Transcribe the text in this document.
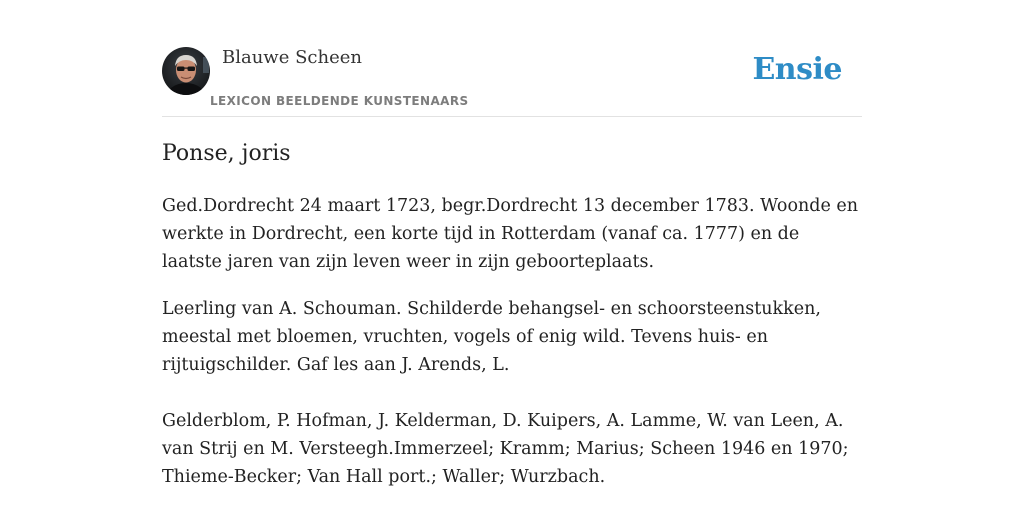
Blauwe Scheen
LEXICON BEELDENDE KUNSTENAARS
Ensie
Ponse, joris

Ged.Dordrecht 24 maart 1723, begr.Dordrecht 13 december 1783. Woonde en werkte in Dordrecht, een korte tijd in Rotterdam (vanaf ca. 1777) en de laatste jaren van zijn leven weer in zijn geboorteplaats.

Leerling van A. Schouman. Schilderde behangsel- en schoorsteenstukken, meestal met bloemen, vruchten, vogels of enig wild. Tevens huis- en rijtuigschilder. Gaf les aan J. Arends, L.

Gelderblom, P. Hofman, J. Kelderman, D. Kuipers, A. Lamme, W. van Leen, A. van Strij en M. Versteegh.Immerzeel; Kramm; Marius; Scheen 1946 en 1970; Thieme-Becker; Van Hall port.; Waller; Wurzbach.
